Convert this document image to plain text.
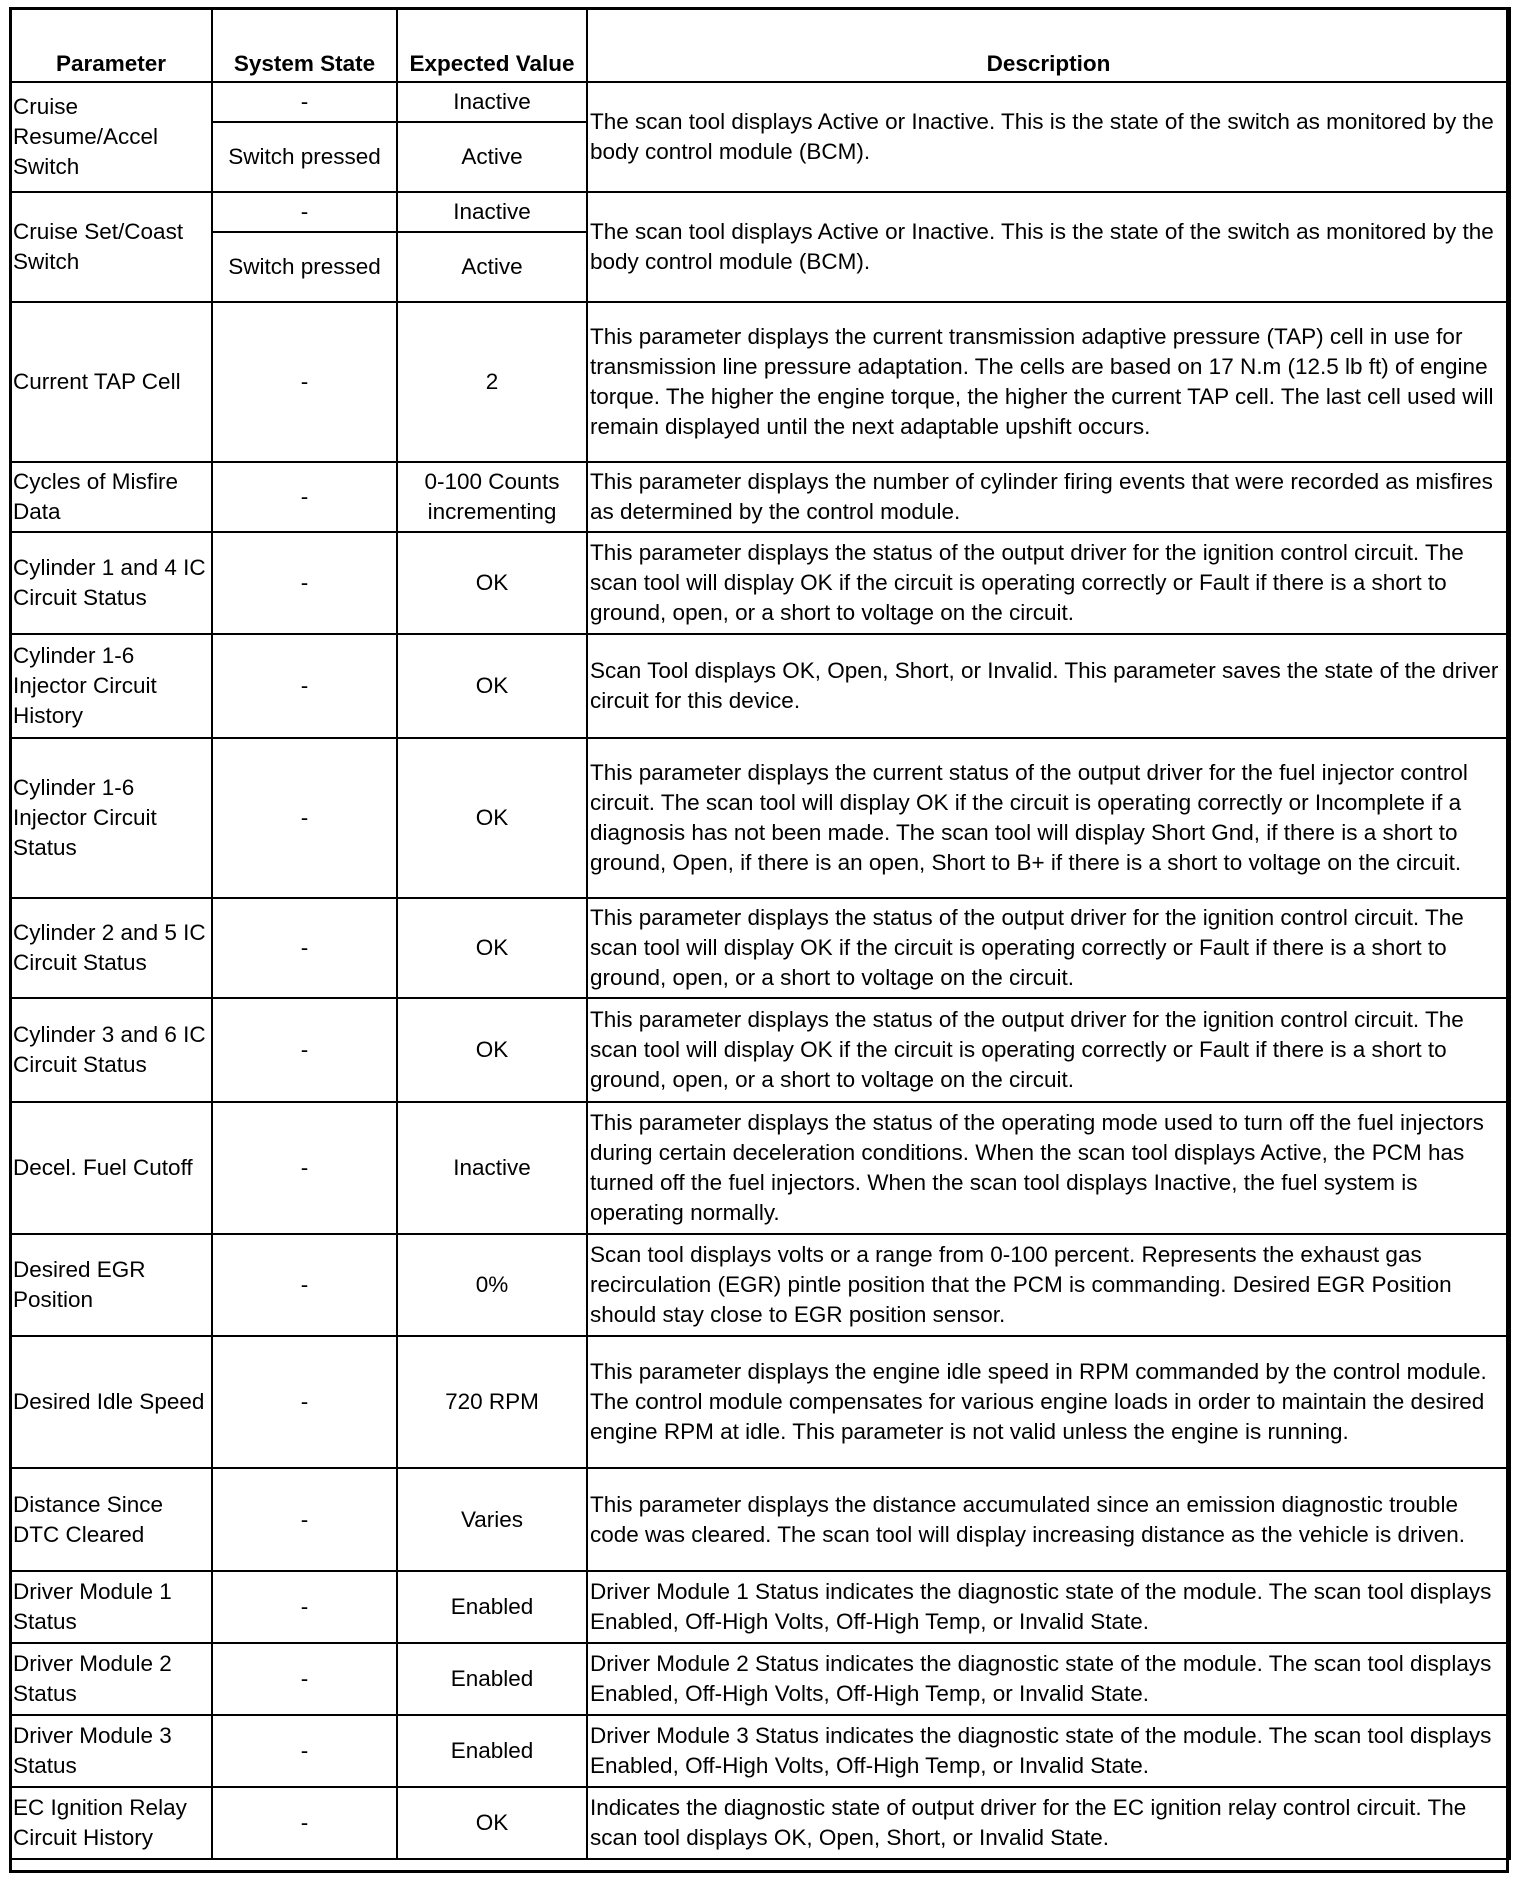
Parameter	System State	Expected Value	Description
Cruise Resume/Accel Switch	-	Inactive	The scan tool displays Active or Inactive. This is the state of the switch as monitored by the body control module (BCM).
	Switch pressed	Active	
Cruise Set/Coast Switch	-	Inactive	The scan tool displays Active or Inactive. This is the state of the switch as monitored by the body control module (BCM).
	Switch pressed	Active	
Current TAP Cell	-	2	This parameter displays the current transmission adaptive pressure (TAP) cell in use for transmission line pressure adaptation. The cells are based on 17 N.m (12.5 lb ft) of engine torque. The higher the engine torque, the higher the current TAP cell. The last cell used will remain displayed until the next adaptable upshift occurs.
Cycles of Misfire Data	-	0-100 Counts incrementing	This parameter displays the number of cylinder firing events that were recorded as misfires as determined by the control module.
Cylinder 1 and 4 IC Circuit Status	-	OK	This parameter displays the status of the output driver for the ignition control circuit. The scan tool will display OK if the circuit is operating correctly or Fault if there is a short to ground, open, or a short to voltage on the circuit.
Cylinder 1-6 Injector Circuit History	-	OK	Scan Tool displays OK, Open, Short, or Invalid. This parameter saves the state of the driver circuit for this device.
Cylinder 1-6 Injector Circuit Status	-	OK	This parameter displays the current status of the output driver for the fuel injector control circuit. The scan tool will display OK if the circuit is operating correctly or Incomplete if a diagnosis has not been made. The scan tool will display Short Gnd, if there is a short to ground, Open, if there is an open, Short to B+ if there is a short to voltage on the circuit.
Cylinder 2 and 5 IC Circuit Status	-	OK	This parameter displays the status of the output driver for the ignition control circuit. The scan tool will display OK if the circuit is operating correctly or Fault if there is a short to ground, open, or a short to voltage on the circuit.
Cylinder 3 and 6 IC Circuit Status	-	OK	This parameter displays the status of the output driver for the ignition control circuit. The scan tool will display OK if the circuit is operating correctly or Fault if there is a short to ground, open, or a short to voltage on the circuit.
Decel. Fuel Cutoff	-	Inactive	This parameter displays the status of the operating mode used to turn off the fuel injectors during certain deceleration conditions. When the scan tool displays Active, the PCM has turned off the fuel injectors. When the scan tool displays Inactive, the fuel system is operating normally.
Desired EGR Position	-	0%	Scan tool displays volts or a range from 0-100 percent. Represents the exhaust gas recirculation (EGR) pintle position that the PCM is commanding. Desired EGR Position should stay close to EGR position sensor.
Desired Idle Speed	-	720 RPM	This parameter displays the engine idle speed in RPM commanded by the control module. The control module compensates for various engine loads in order to maintain the desired engine RPM at idle. This parameter is not valid unless the engine is running.
Distance Since DTC Cleared	-	Varies	This parameter displays the distance accumulated since an emission diagnostic trouble code was cleared. The scan tool will display increasing distance as the vehicle is driven.
Driver Module 1 Status	-	Enabled	Driver Module 1 Status indicates the diagnostic state of the module. The scan tool displays Enabled, Off-High Volts, Off-High Temp, or Invalid State.
Driver Module 2 Status	-	Enabled	Driver Module 2 Status indicates the diagnostic state of the module. The scan tool displays Enabled, Off-High Volts, Off-High Temp, or Invalid State.
Driver Module 3 Status	-	Enabled	Driver Module 3 Status indicates the diagnostic state of the module. The scan tool displays Enabled, Off-High Volts, Off-High Temp, or Invalid State.
EC Ignition Relay Circuit History	-	OK	Indicates the diagnostic state of output driver for the EC ignition relay control circuit. The scan tool displays OK, Open, Short, or Invalid State.
